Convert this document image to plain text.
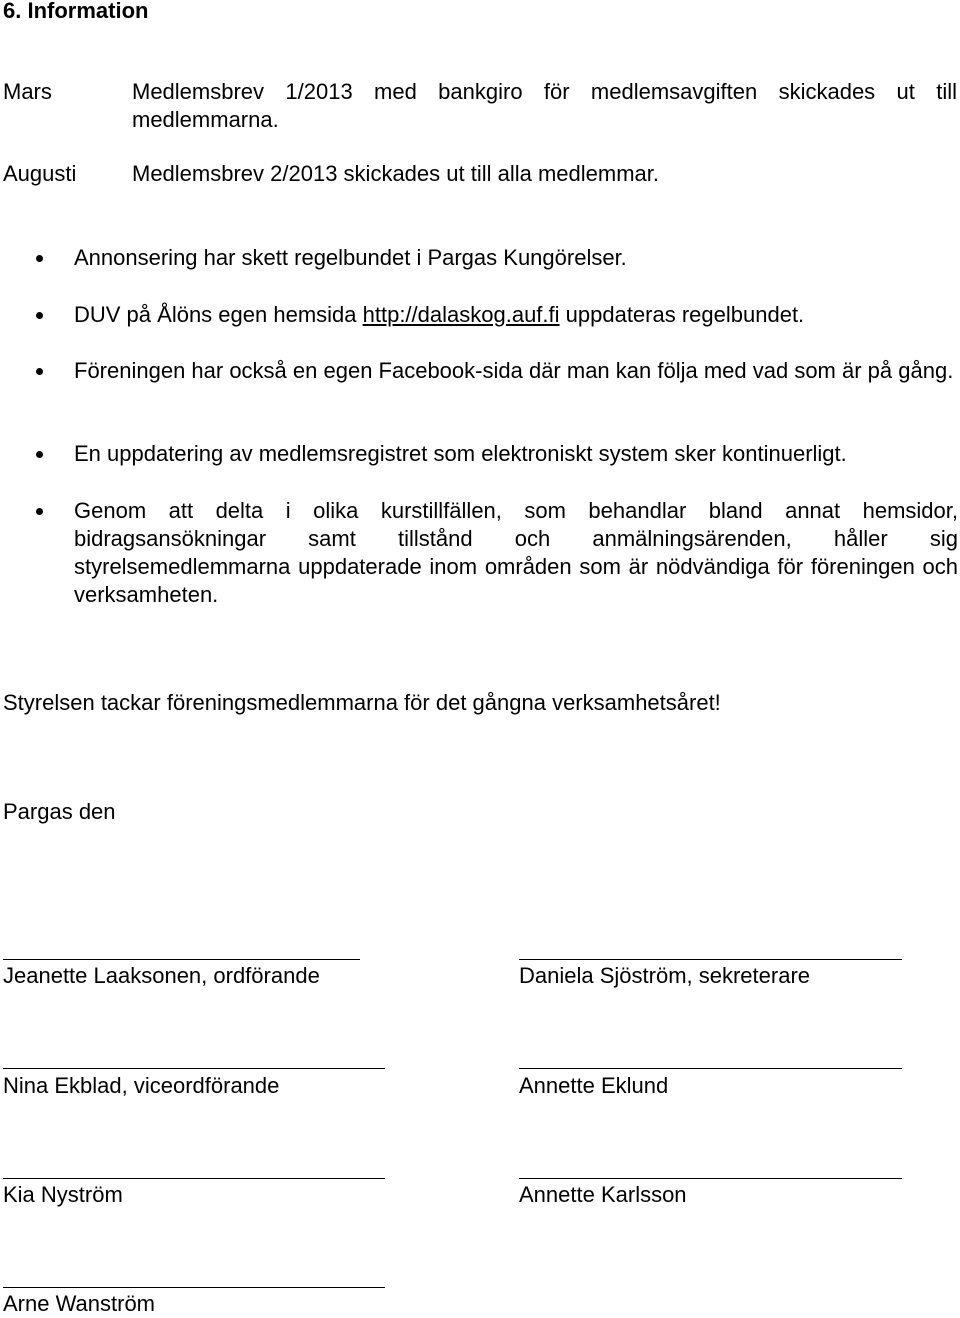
6. Information
Mars	Medlemsbrev 1/2013 med bankgiro för medlemsavgiften skickades ut till medlemmarna.
Augusti	Medlemsbrev 2/2013 skickades ut till alla medlemmar.
Annonsering har skett regelbundet i Pargas Kungörelser.
DUV på Ålöns egen hemsida http://dalaskog.auf.fi uppdateras regelbundet.
Föreningen har också en egen Facebook-sida där man kan följa med vad som är på gång.
En uppdatering av medlemsregistret som elektroniskt system sker kontinuerligt.
Genom att delta i olika kurstillfällen, som behandlar bland annat hemsidor, bidragsansökningar samt tillstånd och anmälningsärenden, håller sig styrelsemedlemmarna uppdaterade inom områden som är nödvändiga för föreningen och verksamheten.
Styrelsen tackar föreningsmedlemmarna för det gångna verksamhetsåret!
Pargas den
Jeanette Laaksonen, ordförande	Daniela Sjöström, sekreterare
Nina Ekblad, viceordförande	Annette Eklund
Kia Nyström	Annette Karlsson
Arne Wanström
